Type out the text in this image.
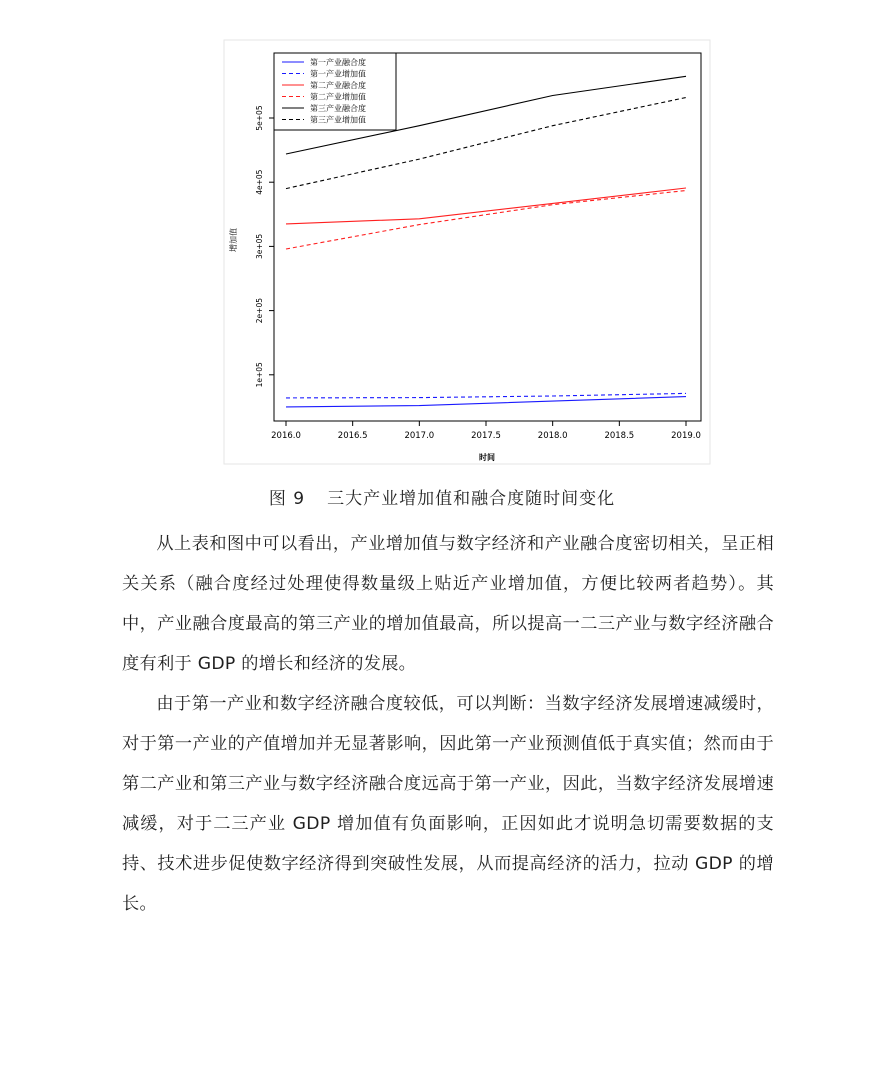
2016.0	2016.5	2017.0	2017.5	2018.0	2018.5	2019.0
1e+05
2e+05
3e+05
4e+05
5e+05
第一产业融合度
第一产业增加值
第二产业融合度
第二产业增加值
第三产业融合度
第三产业增加值
增加值
时间
图 9 三大产业增加值和融合度随时间变化

从上表和图中可以看出，产业增加值与数字经济和产业融合度密切相关，呈正相关关系（融合度经过处理使得数量级上贴近产业增加值，方便比较两者趋势）。其中，产业融合度最高的第三产业的增加值最高，所以提高一二三产业与数字经济融合度有利于 GDP 的增长和经济的发展。

由于第一产业和数字经济融合度较低，可以判断：当数字经济发展增速减缓时，对于第一产业的产值增加并无显著影响，因此第一产业预测值低于真实值；然而由于第二产业和第三产业与数字经济融合度远高于第一产业，因此，当数字经济发展增速减缓，对于二三产业 GDP 增加值有负面影响，正因如此才说明急切需要数据的支持、技术进步促使数字经济得到突破性发展，从而提高经济的活力，拉动 GDP 的增长。
